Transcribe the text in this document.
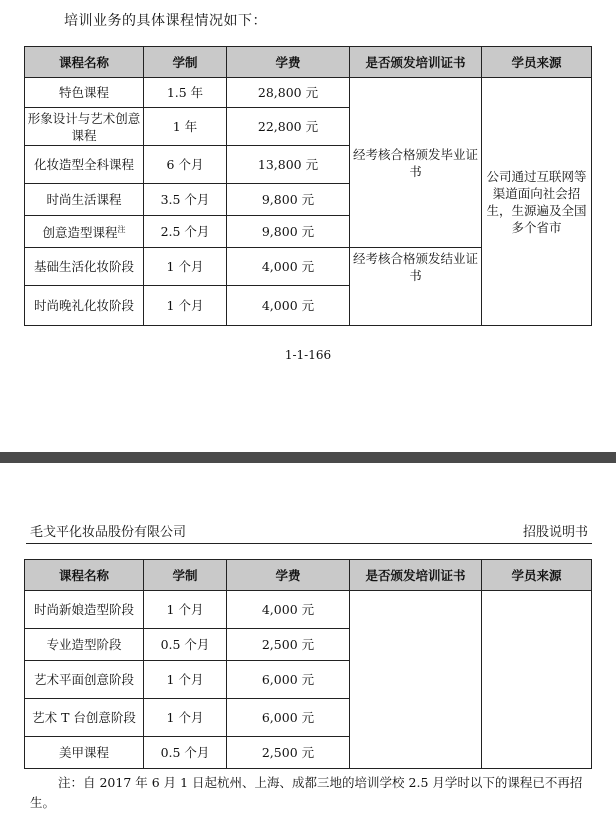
培训业务的具体课程情况如下：
课程名称	学制	学费	是否颁发培训证书	学员来源
特色课程	1.5 年	28,800 元	经考核合格颁发毕业证书	公司通过互联网等渠道面向社会招生，生源遍及全国多个省市
形象设计与艺术创意课程	1 年	22,800 元		
化妆造型全科课程	6 个月	13,800 元		
时尚生活课程	3.5 个月	9,800 元		
创意造型课程$^注$	2.5 个月	9,800 元		
基础生活化妆阶段	1 个月	4,000 元	经考核合格颁发结业证书	
时尚晚礼化妆阶段	1 个月	4,000 元		
1-1-166
毛戈平化妆品股份有限公司	招股说明书
课程名称	学制	学费	是否颁发培训证书	学员来源
时尚新娘造型阶段	1 个月	4,000 元		
专业造型阶段	0.5 个月	2,500 元		
艺术平面创意阶段	1 个月	6,000 元		
艺术 T 台创意阶段	1 个月	6,000 元		
美甲课程	0.5 个月	2,500 元		
注：自 2017 年 6 月 1 日起杭州、上海、成都三地的培训学校 2.5 月学时以下的课程已不再招生。
